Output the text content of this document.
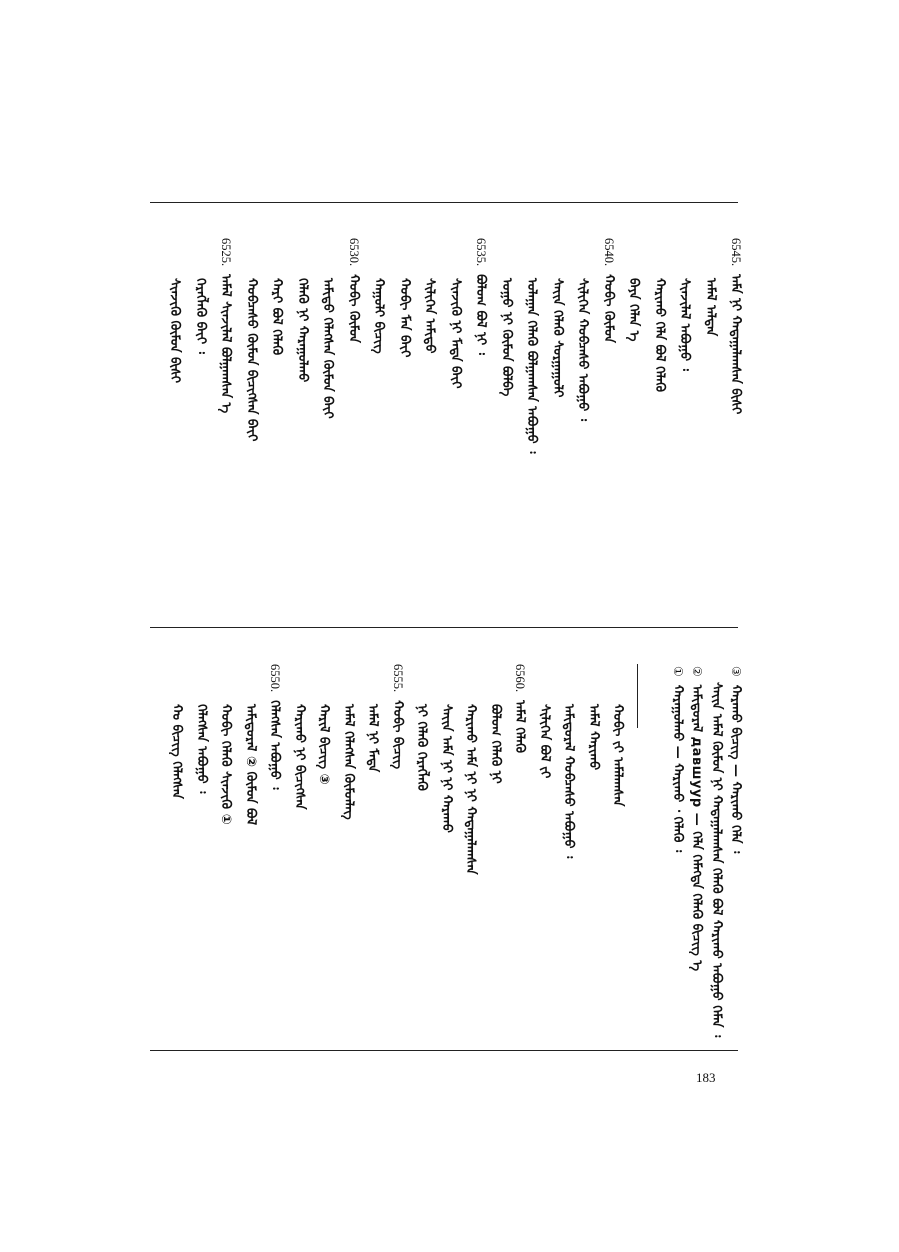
6545.ᠠᠮᠠ ᠨᠢ ᠬᠠᠳᠠᠭᠠᠯᠠᠭᠰᠠᠨ ᠪᠢᠰᠢ
ᠠᠮᠠᠯ ᠠᠯᠳᠠᠨ
ᠰᠢᠨᠵᠢᠯᠡᠯ ᠠᠪᠤᠭᠤ ᠄
ᠬᠠᠷᠢᠬᠤ ᠬᠡᠯᠡ ᠪᠤᠯ ᠬᠡᠯᠡᠬᠦ
ᠪᠠᠶᠠ ᠬᠡᠯᠡᠨ ᠡ
6540.ᠬᠤᠪᠢ ᠬᠦᠮᠦᠨ
ᠰᠢᠯᠢᠭᠡᠨ ᠬᠤᠪᠴᠠᠰᠤ ᠠᠪᠤᠭᠤ ᠄
ᠰᠠᠶ᠋ᠢᠨ ᠬᠡᠯᠡᠬᠦ ᠰᠤᠷᠭᠠᠭᠤᠯᠢ
ᠤᠯᠠᠭᠠᠨ ᠬᠡᠯᠡᠬᠦ ᠪᠣᠯᠭᠠᠭᠰᠠᠨ ᠠᠪᠤᠭᠤ ᠄
ᠤᠭᠤ ᠨᠢ ᠬᠦᠮᠦᠨ ᠪᠣᠯᠪᠠ
6535.ᠪᠤᠯᠤᠭ ᠪᠤᠯ ᠨᠢ ᠄
ᠰᠢᠨᠵᠢᠬᠦ ᠨᠢ ᠮᠡᠳᠡ ᠪᠠᠶ᠋ᠢ
ᠰᠢᠯᠢᠭᠡᠨ ᠠᠮᠢᠳᠤ
ᠬᠤᠪᠢ ᠮᠠᠨ ᠪᠠᠶ᠋ᠢ
ᠬᠠᠭᠤᠯᠢ ᠪᠢᠴᠢᠭ
6530.ᠬᠤᠪᠢ ᠬᠦᠮᠦᠨ
ᠠᠮᠢᠳᠤ ᠬᠡᠯᠡᠭᠰᠡᠨ ᠬᠦᠮᠦᠨ ᠪᠠᠶ᠋ᠢ
ᠬᠡᠯᠡᠬᠦ ᠨᠢ ᠬᠠᠷᠠᠭᠤᠯᠬᠤ
ᠬᠠᠷᠢ ᠪᠤᠯ ᠬᠡᠯᠡᠬᠦ
ᠬᠤᠪᠴᠠᠰᠤ ᠬᠦᠮᠦᠨ ᠪᠢᠴᠢᠭᠰᠡᠨ ᠪᠠᠶ᠋ᠢ
6525.ᠠᠮᠠᠯ ᠰᠢᠨᠵᠢᠯᠡᠯ ᠪᠤᠯᠭᠠᠭᠰᠠᠨ ᠡ
ᠬᠡᠷᠡᠭᠯᠡᠬᠦ ᠪᠠᠶ᠋ᠢ ᠄
ᠰᠢᠨᠵᠢᠬᠦ ᠬᠦᠮᠦᠨ ᠪᠢᠰᠢ
③ᠬᠠᠷᠠᠬᠤ ᠪᠢᠴᠢᠭ — ᠬᠠᠷᠢᠬᠤ ᠬᠡᠯᠡ ᠄
ᠰᠠᠶ᠋ᠢᠨ ᠠᠮᠠᠯ ᠬᠦᠮᠦᠨ ᠨᠢ ᠬᠠᠳᠠᠭᠠᠯᠠᠭᠰᠠᠨ ᠬᠡᠯᠡᠬᠦ ᠪᠤᠯ ᠬᠠᠷᠢᠬᠤ ᠠᠪᠤᠭᠤ ᠬᠡᠮᠡᠨ ᠄
②ᠠᠮᠢᠳᠤᠷᠠᠯ давшуур — ᠬᠡᠯᠡ ᠬᠡᠮᠡᠭᠳᠡ ᠬᠡᠯᠡᠬᠦ ᠪᠢᠴᠢᠭ ᠡ
①ᠬᠠᠷᠠᠭᠤᠯᠬᠤ — ᠬᠠᠷᠢᠬᠤ ᠂ ᠬᠡᠯᠡᠬᠦ ᠄
ᠬᠤᠪᠢ ᠶ᠋ᠢ ᠠᠮᠠᠯᠠᠭᠰᠠᠨ
ᠠᠮᠠᠯ ᠬᠠᠷᠢᠬᠤ
ᠠᠮᠢᠳᠤᠷᠠᠯ ᠬᠤᠪᠴᠠᠰᠤ ᠠᠪᠤᠭᠤ ᠄
ᠰᠢᠯᠢᠭᠡᠨ ᠪᠤᠯ ᠶ᠋ᠢ
6560.ᠠᠮᠠᠯ ᠬᠡᠯᠡᠬᠦ
ᠪᠤᠯᠤᠭ ᠬᠡᠯᠡᠬᠦ ᠨᠢ
ᠬᠠᠷᠢᠬᠤ ᠠᠮᠠ ᠨᠢ ᠨᠢ ᠬᠠᠳᠠᠭᠠᠯᠠᠭᠰᠠᠨ
ᠰᠠᠶ᠋ᠢᠨ ᠠᠮᠠ ᠨᠢ ᠨᠢ ᠬᠠᠷᠠᠬᠤ
ᠨᠢ ᠬᠡᠯᠡᠬᠦ ᠬᠡᠷᠡᠭᠯᠡᠬᠦ
6555.ᠬᠤᠪᠢ ᠪᠢᠴᠢᠭ
ᠠᠮᠠᠯ ᠨᠢ ᠮᠡᠳᠡ
ᠠᠮᠠᠯ ᠬᠡᠯᠡᠭᠰᠡᠨ ᠬᠦᠮᠦᠨᠯᠡᠭ
ᠬᠠᠷᠢᠯ ᠪᠢᠴᠢᠭ ③
ᠬᠠᠷᠢᠬᠤ ᠨᠢ ᠪᠢᠴᠢᠭᠰᠡᠨ
6550.ᠬᠡᠯᠡᠭᠰᠡᠨ ᠠᠪᠤᠭᠤ ᠄
ᠠᠮᠢᠳᠤᠷᠠᠯ ② ᠬᠦᠮᠦᠨ ᠪᠤᠯ
ᠬᠤᠪᠢ ᠬᠡᠯᠡᠬᠦ ᠰᠢᠨᠵᠢᠬᠦ ①
ᠬᠡᠯᠡᠭᠰᠡᠨ ᠠᠪᠤᠭᠤ ᠄
ᠬᠤ ᠪᠢᠴᠢᠭ ᠬᠡᠯᠡᠭᠰᠡᠨ
183
